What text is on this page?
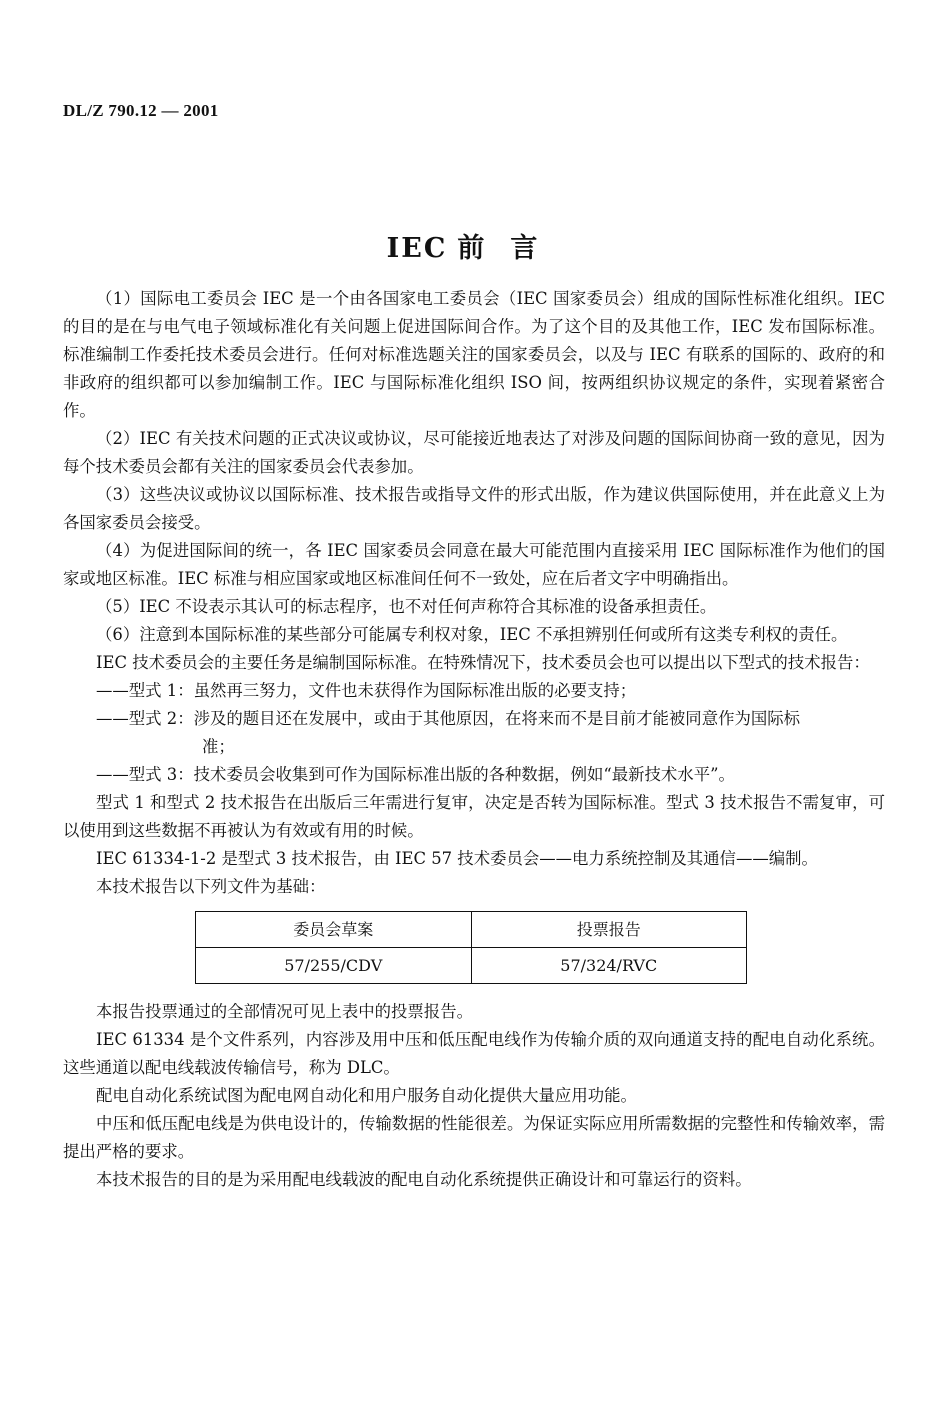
DL/Z 790.12 — 2001
IEC 前言

（1）国际电工委员会 IEC 是一个由各国家电工委员会（IEC 国家委员会）组成的国际性标准化组织。IEC 的目的是在与电气电子领域标准化有关问题上促进国际间合作。为了这个目的及其他工作，IEC 发布国际标准。标准编制工作委托技术委员会进行。任何对标准选题关注的国家委员会，以及与 IEC 有联系的国际的、政府的和非政府的组织都可以参加编制工作。IEC 与国际标准化组织 ISO 间，按两组织协议规定的条件，实现着紧密合作。

（2）IEC 有关技术问题的正式决议或协议，尽可能接近地表达了对涉及问题的国际间协商一致的意见，因为每个技术委员会都有关注的国家委员会代表参加。

（3）这些决议或协议以国际标准、技术报告或指导文件的形式出版，作为建议供国际使用，并在此意义上为各国家委员会接受。

（4）为促进国际间的统一，各 IEC 国家委员会同意在最大可能范围内直接采用 IEC 国际标准作为他们的国家或地区标准。IEC 标准与相应国家或地区标准间任何不一致处，应在后者文字中明确指出。

（5）IEC 不设表示其认可的标志程序，也不对任何声称符合其标准的设备承担责任。

（6）注意到本国际标准的某些部分可能属专利权对象，IEC 不承担辨别任何或所有这类专利权的责任。

IEC 技术委员会的主要任务是编制国际标准。在特殊情况下，技术委员会也可以提出以下型式的技术报告：

——型式 1：虽然再三努力，文件也未获得作为国际标准出版的必要支持；

——型式 2：涉及的题目还在发展中，或由于其他原因，在将来而不是目前才能被同意作为国际标

准；

——型式 3：技术委员会收集到可作为国际标准出版的各种数据，例如“最新技术水平”。

型式 1 和型式 2 技术报告在出版后三年需进行复审，决定是否转为国际标准。型式 3 技术报告不需复审，可以使用到这些数据不再被认为有效或有用的时候。

IEC 61334-1-2 是型式 3 技术报告，由 IEC 57 技术委员会——电力系统控制及其通信——编制。

本技术报告以下列文件为基础：

委员会草案	投票报告
57/255/CDV	57/324/RVC

本报告投票通过的全部情况可见上表中的投票报告。

IEC 61334 是个文件系列，内容涉及用中压和低压配电线作为传输介质的双向通道支持的配电自动化系统。这些通道以配电线载波传输信号，称为 DLC。

配电自动化系统试图为配电网自动化和用户服务自动化提供大量应用功能。

中压和低压配电线是为供电设计的，传输数据的性能很差。为保证实际应用所需数据的完整性和传输效率，需提出严格的要求。

本技术报告的目的是为采用配电线载波的配电自动化系统提供正确设计和可靠运行的资料。
